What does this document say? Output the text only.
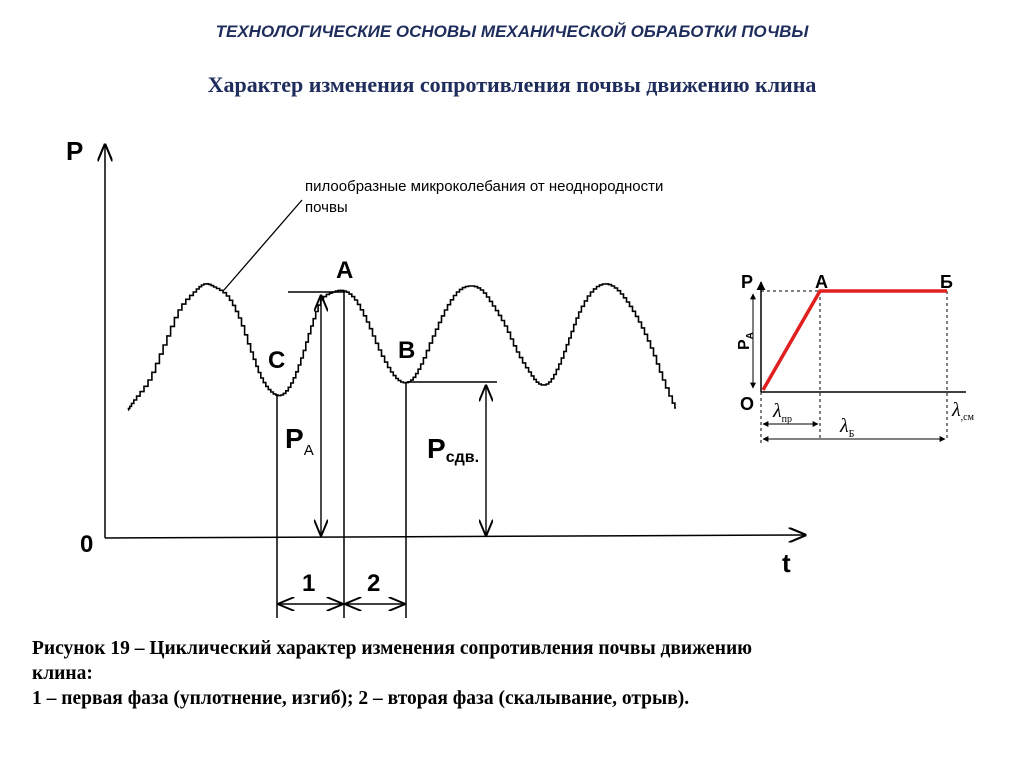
ТЕХНОЛОГИЧЕСКИЕ ОСНОВЫ МЕХАНИЧЕСКОЙ ОБРАБОТКИ ПОЧВЫ
Характер изменения сопротивления почвы движению клина
P
t
0
пилообразные микроколебания от неоднородности
почвы
A
B
C
$P_A$	Pсдв.
1 2
P
O
A	Б
$P_A$
$\lambda_{пр}$ $\lambda_Б$
$\lambda_{,см}$
Рисунок 19 – Циклический характер изменения сопротивления почвы движению
клина:
1 – первая фаза (уплотнение, изгиб); 2 – вторая фаза (скалывание, отрыв).
